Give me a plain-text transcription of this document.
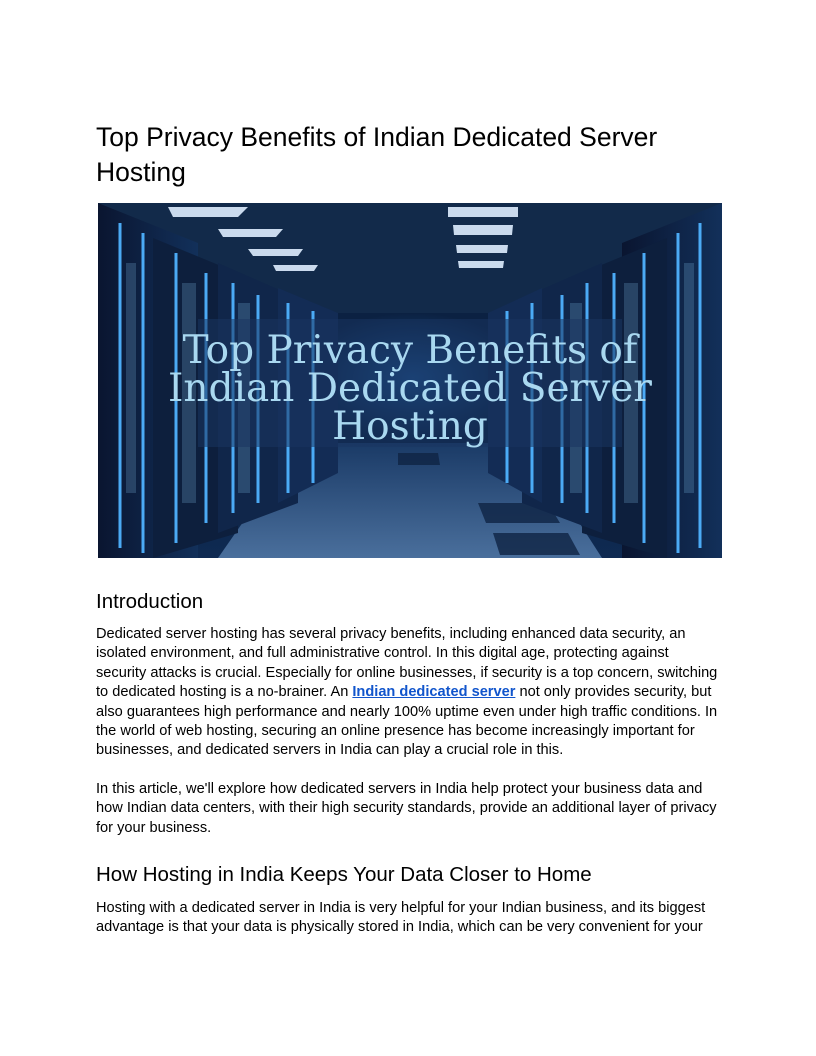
Top Privacy Benefits of Indian Dedicated Server Hosting
Top Privacy Benefits of
Indian Dedicated Server
Hosting
Introduction

Dedicated server hosting has several privacy benefits, including enhanced data security, an isolated environment, and full administrative control. In this digital age, protecting against security attacks is crucial. Especially for online businesses, if security is a top concern, switching to dedicated hosting is a no-brainer. An Indian dedicated server not only provides security, but also guarantees high performance and nearly 100% uptime even under high traffic conditions. In the world of web hosting, securing an online presence has become increasingly important for businesses, and dedicated servers in India can play a crucial role in this.

In this article, we'll explore how dedicated servers in India help protect your business data and how Indian data centers, with their high security standards, provide an additional layer of privacy for your business.

How Hosting in India Keeps Your Data Closer to Home

Hosting with a dedicated server in India is very helpful for your Indian business, and its biggest advantage is that your data is physically stored in India, which can be very convenient for your
